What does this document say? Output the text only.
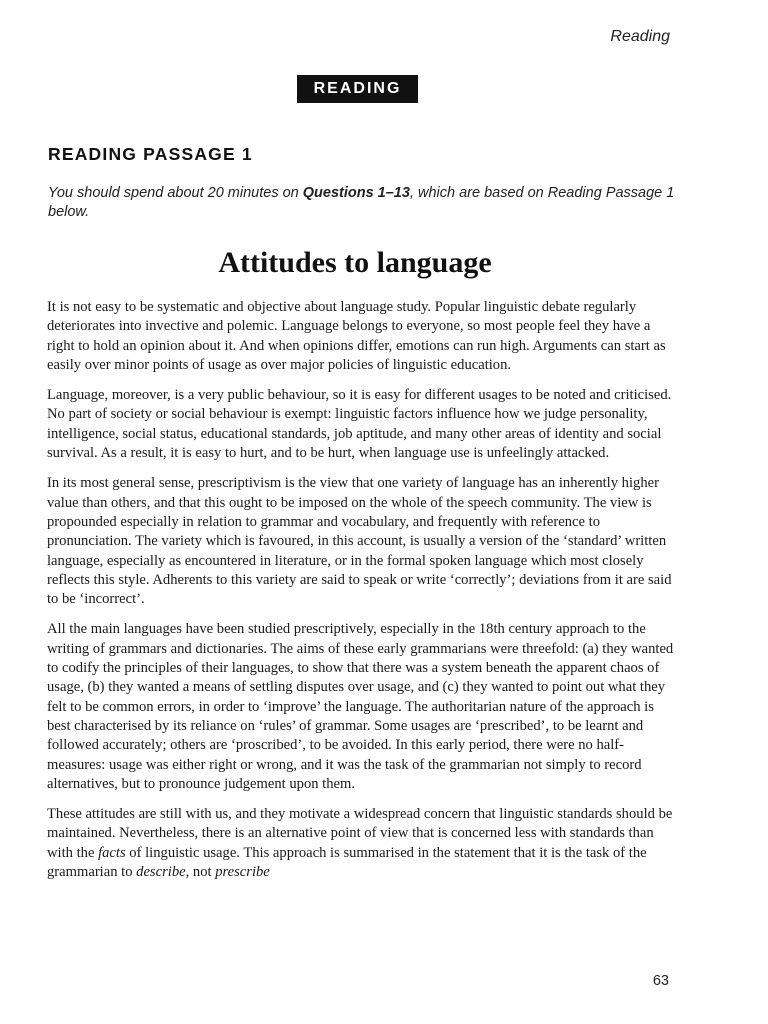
Reading
READING
READING PASSAGE 1
You should spend about 20 minutes on Questions 1–13, which are based on Reading Passage 1 below.
Attitudes to language

It is not easy to be systematic and objective about language study. Popular linguistic debate regularly deteriorates into invective and polemic. Language belongs to everyone, so most people feel they have a right to hold an opinion about it. And when opinions differ, emotions can run high. Arguments can start as easily over minor points of usage as over major policies of linguistic education.

Language, moreover, is a very public behaviour, so it is easy for different usages to be noted and criticised. No part of society or social behaviour is exempt: linguistic factors influence how we judge personality, intelligence, social status, educational standards, job aptitude, and many other areas of identity and social survival. As a result, it is easy to hurt, and to be hurt, when language use is unfeelingly attacked.

In its most general sense, prescriptivism is the view that one variety of language has an inherently higher value than others, and that this ought to be imposed on the whole of the speech community. The view is propounded especially in relation to grammar and vocabulary, and frequently with reference to pronunciation. The variety which is favoured, in this account, is usually a version of the ‘standard’ written language, especially as encountered in literature, or in the formal spoken language which most closely reflects this style. Adherents to this variety are said to speak or write ‘correctly’; deviations from it are said to be ‘incorrect’.

All the main languages have been studied prescriptively, especially in the 18th century approach to the writing of grammars and dictionaries. The aims of these early grammarians were threefold: (a) they wanted to codify the principles of their languages, to show that there was a system beneath the apparent chaos of usage, (b) they wanted a means of settling disputes over usage, and (c) they wanted to point out what they felt to be common errors, in order to ‘improve’ the language. The authoritarian nature of the approach is best characterised by its reliance on ‘rules’ of grammar. Some usages are ‘prescribed’, to be learnt and followed accurately; others are ‘proscribed’, to be avoided. In this early period, there were no half-measures: usage was either right or wrong, and it was the task of the grammarian not simply to record alternatives, but to pronounce judgement upon them.

These attitudes are still with us, and they motivate a widespread concern that linguistic standards should be maintained. Nevertheless, there is an alternative point of view that is concerned less with standards than with the facts of linguistic usage. This approach is summarised in the statement that it is the task of the grammarian to describe, not prescribe

63
